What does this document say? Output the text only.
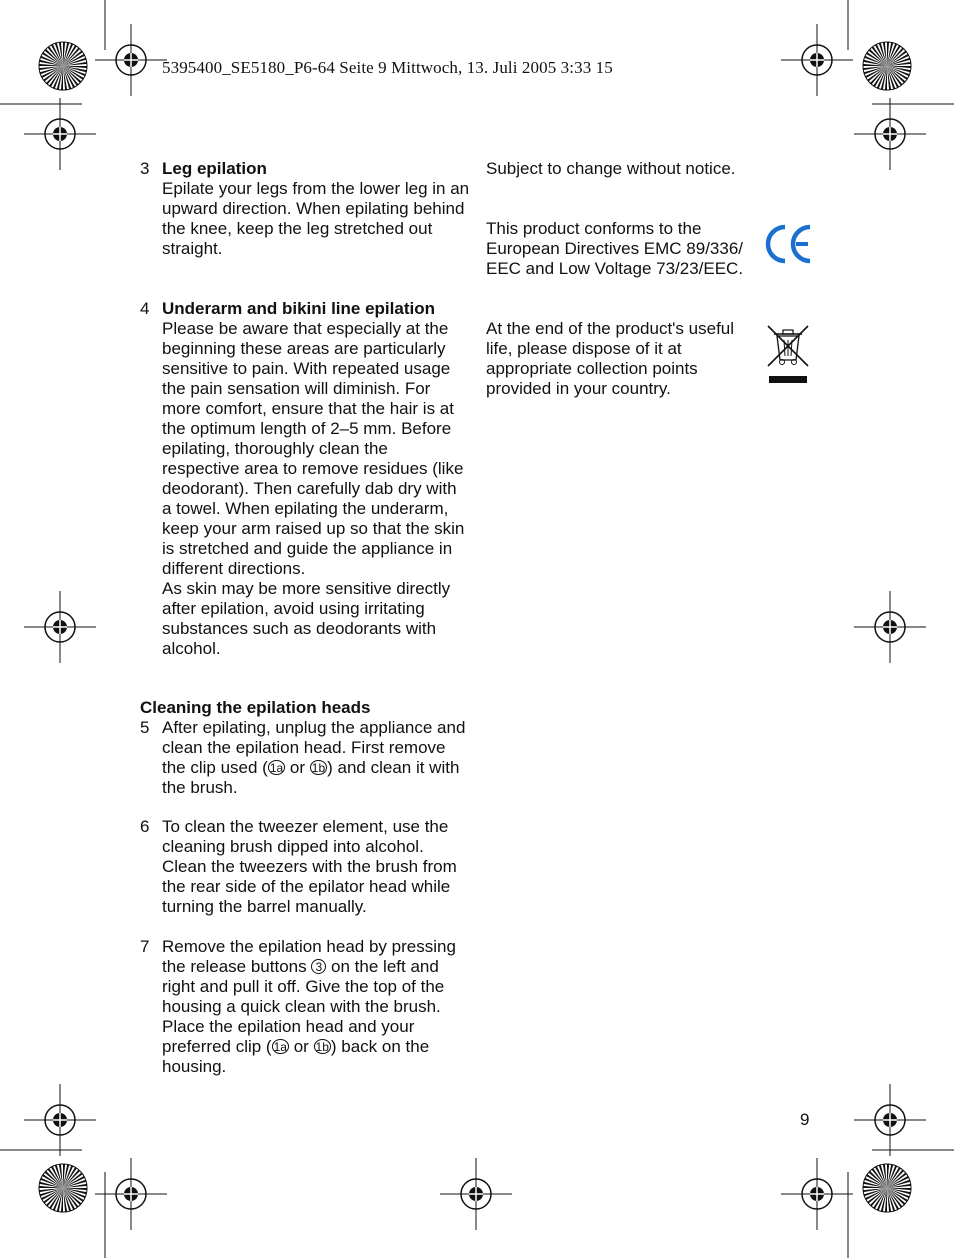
5395400_SE5180_P6-64 Seite 9 Mittwoch, 13. Juli 2005 3:33 15
3 Leg epilation

Epilate your legs from the lower leg in an upward direction. When epilating behind the knee, keep the leg stretched out straight.

4 Underarm and bikini line epilation

Please be aware that especially at the beginning these areas are particularly sensitive to pain. With repeated usage the pain sensation will diminish. For more comfort, ensure that the hair is at the optimum length of 2–5 mm. Before epilating, thoroughly clean the respective area to remove residues (like deodorant). Then carefully dab dry with a towel. When epilating the underarm, keep your arm raised up so that the skin is stretched and guide the appliance in different directions.

As skin may be more sensitive directly after epilation, avoid using irritating substances such as deodorants with alcohol.

Cleaning the epilation heads
5 After epilating, unplug the appliance and clean the epilation head. First remove the clip used ( 1a or 1b ) and clean it with the brush.

6 To clean the tweezer element, use the cleaning brush dipped into alcohol. Clean the tweezers with the brush from the rear side of the epilator head while turning the barrel manually.

7 Remove the epilation head by pressing the release buttons 3 on the left and right and pull it off. Give the top of the housing a quick clean with the brush. Place the epilation head and your preferred clip ( 1a or 1b ) back on the housing.

Subject to change without notice.
This product conforms to the European Directives EMC 89/336/ EEC and Low Voltage 73/23/EEC.
At the end of the product's useful life, please dispose of it at appropriate collection points provided in your country.
9
